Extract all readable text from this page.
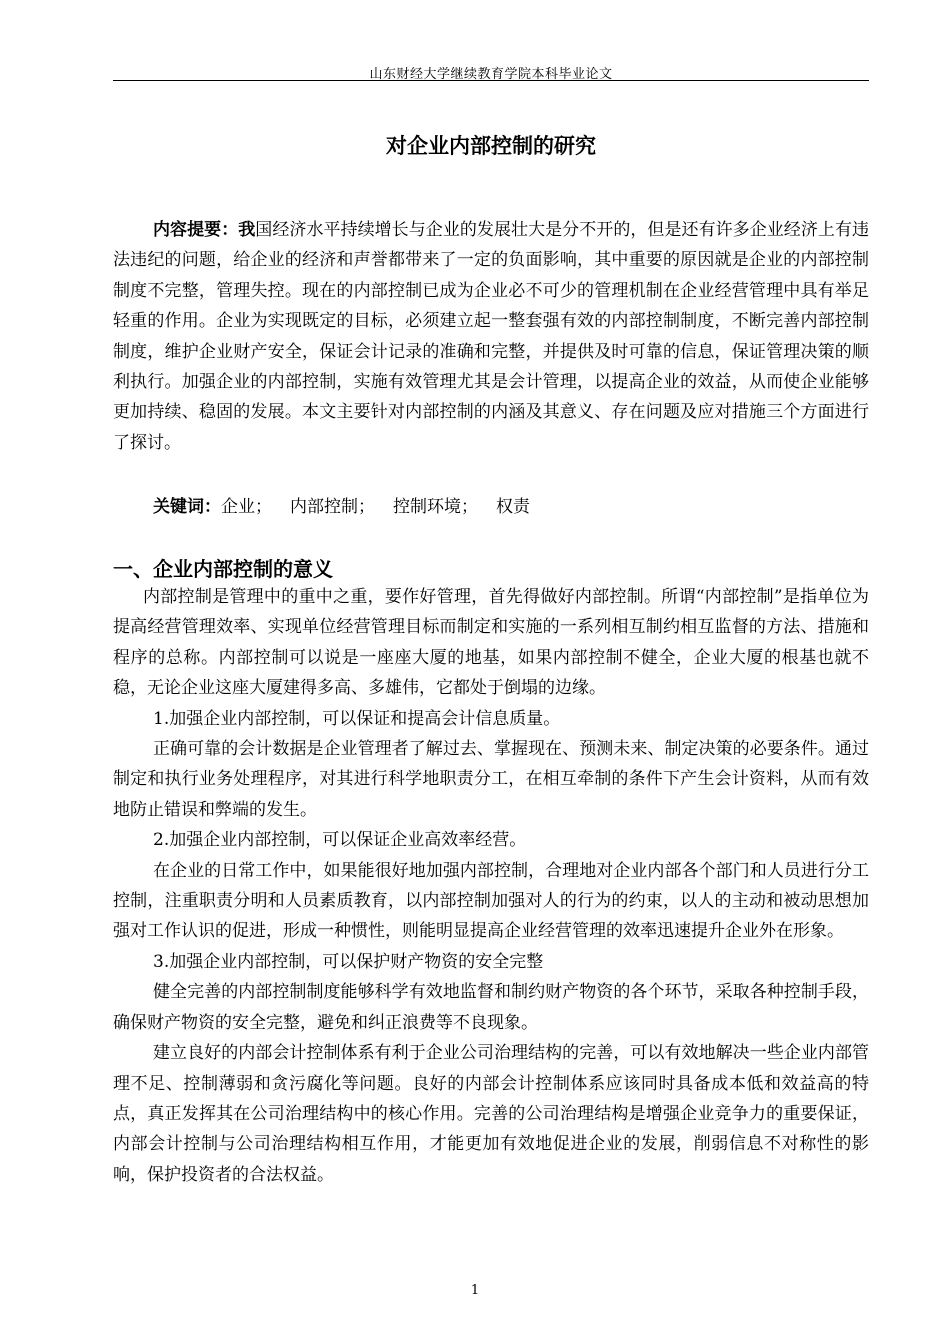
山东财经大学继续教育学院本科毕业论文
对企业内部控制的研究

内容提要：我国经济水平持续增长与企业的发展壮大是分不开的，但是还有许多企业经济上有违法违纪的问题，给企业的经济和声誉都带来了一定的负面影响，其中重要的原因就是企业的内部控制制度不完整，管理失控。现在的内部控制已成为企业必不可少的管理机制在企业经营管理中具有举足轻重的作用。企业为实现既定的目标，必须建立起一整套强有效的内部控制制度，不断完善内部控制制度，维护企业财产安全，保证会计记录的准确和完整，并提供及时可靠的信息，保证管理决策的顺利执行。加强企业的内部控制，实施有效管理尤其是会计管理，以提高企业的效益，从而使企业能够更加持续、稳固的发展。本文主要针对内部控制的内涵及其意义、存在问题及应对措施三个方面进行了探讨。

关键词：企业； 内部控制； 控制环境； 权责

一、企业内部控制的意义

内部控制是管理中的重中之重，要作好管理，首先得做好内部控制。所谓“内部控制”是指单位为提高经营管理效率、实现单位经营管理目标而制定和实施的一系列相互制约相互监督的方法、措施和程序的总称。内部控制可以说是一座座大厦的地基，如果内部控制不健全，企业大厦的根基也就不稳，无论企业这座大厦建得多高、多雄伟，它都处于倒塌的边缘。

1.加强企业内部控制，可以保证和提高会计信息质量。

正确可靠的会计数据是企业管理者了解过去、掌握现在、预测未来、制定决策的必要条件。通过制定和执行业务处理程序，对其进行科学地职责分工，在相互牵制的条件下产生会计资料，从而有效地防止错误和弊端的发生。

2.加强企业内部控制，可以保证企业高效率经营。

在企业的日常工作中，如果能很好地加强内部控制，合理地对企业内部各个部门和人员进行分工控制，注重职责分明和人员素质教育，以内部控制加强对人的行为的约束，以人的主动和被动思想加强对工作认识的促进，形成一种惯性，则能明显提高企业经营管理的效率迅速提升企业外在形象。

3.加强企业内部控制，可以保护财产物资的安全完整

健全完善的内部控制制度能够科学有效地监督和制约财产物资的各个环节，采取各种控制手段，确保财产物资的安全完整，避免和纠正浪费等不良现象。

建立良好的内部会计控制体系有利于企业公司治理结构的完善，可以有效地解决一些企业内部管理不足、控制薄弱和贪污腐化等问题。良好的内部会计控制体系应该同时具备成本低和效益高的特点，真正发挥其在公司治理结构中的核心作用。完善的公司治理结构是增强企业竞争力的重要保证，内部会计控制与公司治理结构相互作用，才能更加有效地促进企业的发展，削弱信息不对称性的影响，保护投资者的合法权益。

1
